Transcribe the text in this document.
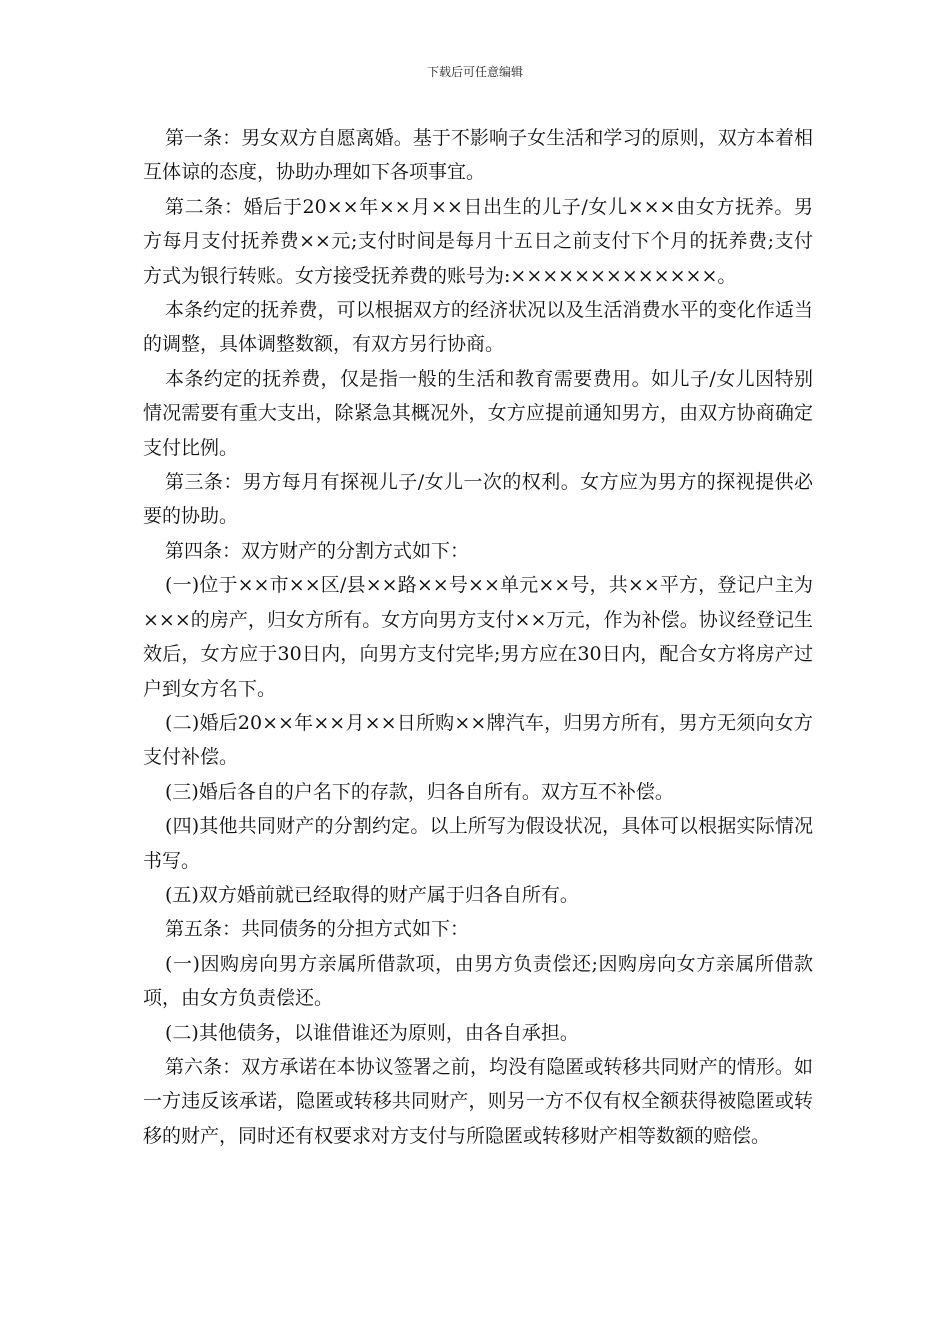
下载后可任意编辑

第一条：男女双方自愿离婚。基于不影响子女生活和学习的原则，双方本着相互体谅的态度，协助办理如下各项事宜。

第二条：婚后于20××年××月××日出生的儿子/女儿×××由女方抚养。男方每月支付抚养费××元;支付时间是每月十五日之前支付下个月的抚养费;支付方式为银行转账。女方接受抚养费的账号为:×××××××××××××。

本条约定的抚养费，可以根据双方的经济状况以及生活消费水平的变化作适当的调整，具体调整数额，有双方另行协商。

本条约定的抚养费，仅是指一般的生活和教育需要费用。如儿子/女儿因特别情况需要有重大支出，除紧急其概况外，女方应提前通知男方，由双方协商确定支付比例。

第三条：男方每月有探视儿子/女儿一次的权利。女方应为男方的探视提供必要的协助。

第四条：双方财产的分割方式如下：

(一)位于××市××区/县××路××号××单元××号，共××平方，登记户主为×××的房产，归女方所有。女方向男方支付××万元，作为补偿。协议经登记生效后，女方应于30日内，向男方支付完毕;男方应在30日内，配合女方将房产过户到女方名下。

(二)婚后20××年××月××日所购××牌汽车，归男方所有，男方无须向女方支付补偿。

(三)婚后各自的户名下的存款，归各自所有。双方互不补偿。

(四)其他共同财产的分割约定。以上所写为假设状况，具体可以根据实际情况书写。

(五)双方婚前就已经取得的财产属于归各自所有。

第五条：共同债务的分担方式如下：

(一)因购房向男方亲属所借款项，由男方负责偿还;因购房向女方亲属所借款项，由女方负责偿还。

(二)其他债务，以谁借谁还为原则，由各自承担。

第六条：双方承诺在本协议签署之前，均没有隐匿或转移共同财产的情形。如一方违反该承诺，隐匿或转移共同财产，则另一方不仅有权全额获得被隐匿或转移的财产，同时还有权要求对方支付与所隐匿或转移财产相等数额的赔偿。
